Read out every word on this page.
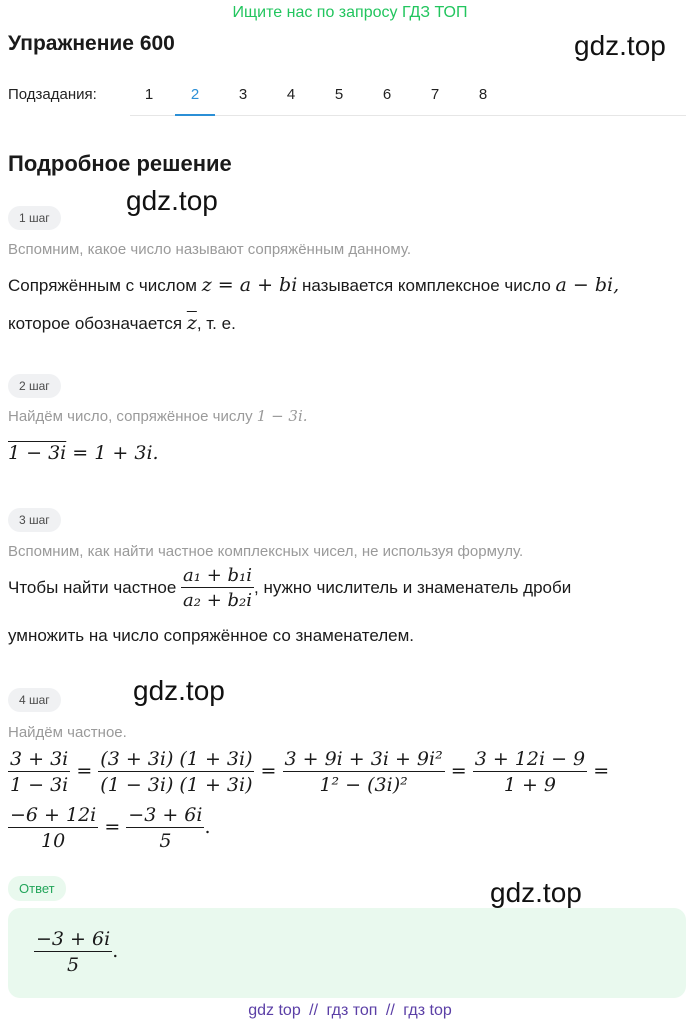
Ищите нас по запросу ГДЗ ТОП
Упражнение 600	gdz.top
Подзадания:	1	2	3	4	5	6	7	8
Подробное решение
gdz.top
gdz.top
gdz.top
1 шаг
Вспомним, какое число называют сопряжённым данному.
Сопряжённым с числом z = a + bi называется комплексное число a − bi,
которое обозначается $\overline{z}$, т. е.
2 шаг
Найдём число, сопряжённое числу 1 − 3i.
1 − 3i = 1 + 3i.
3 шаг
Вспомним, как найти частное комплексных чисел, не используя формулу.
Чтобы найти частное $\frac{\text{a₁ + b₁i}}{\text{a₂ + b₂i}}$ , нужно числитель и знаменатель дроби
умножить на число сопряжённое со знаменателем.
4 шаг
Найдём частное.
$\frac{3 + 3i}{1 - 3i} = \frac{(3 + 3i) (1 + 3i)}{(1 - 3i) (1 + 3i)} = \frac{\text{3 + 9i + 3i + 9i²}}{\text{1² − (3i)²}} = \frac{3 + 12i - 9}{1 + 9}$ =
$\frac{-6 + 12i}{10} = \frac{-3 + 6i}{5}$ .
Ответ
$\frac{-3 + 6i}{5}$ .
gdz top // гдз топ // гдз top
